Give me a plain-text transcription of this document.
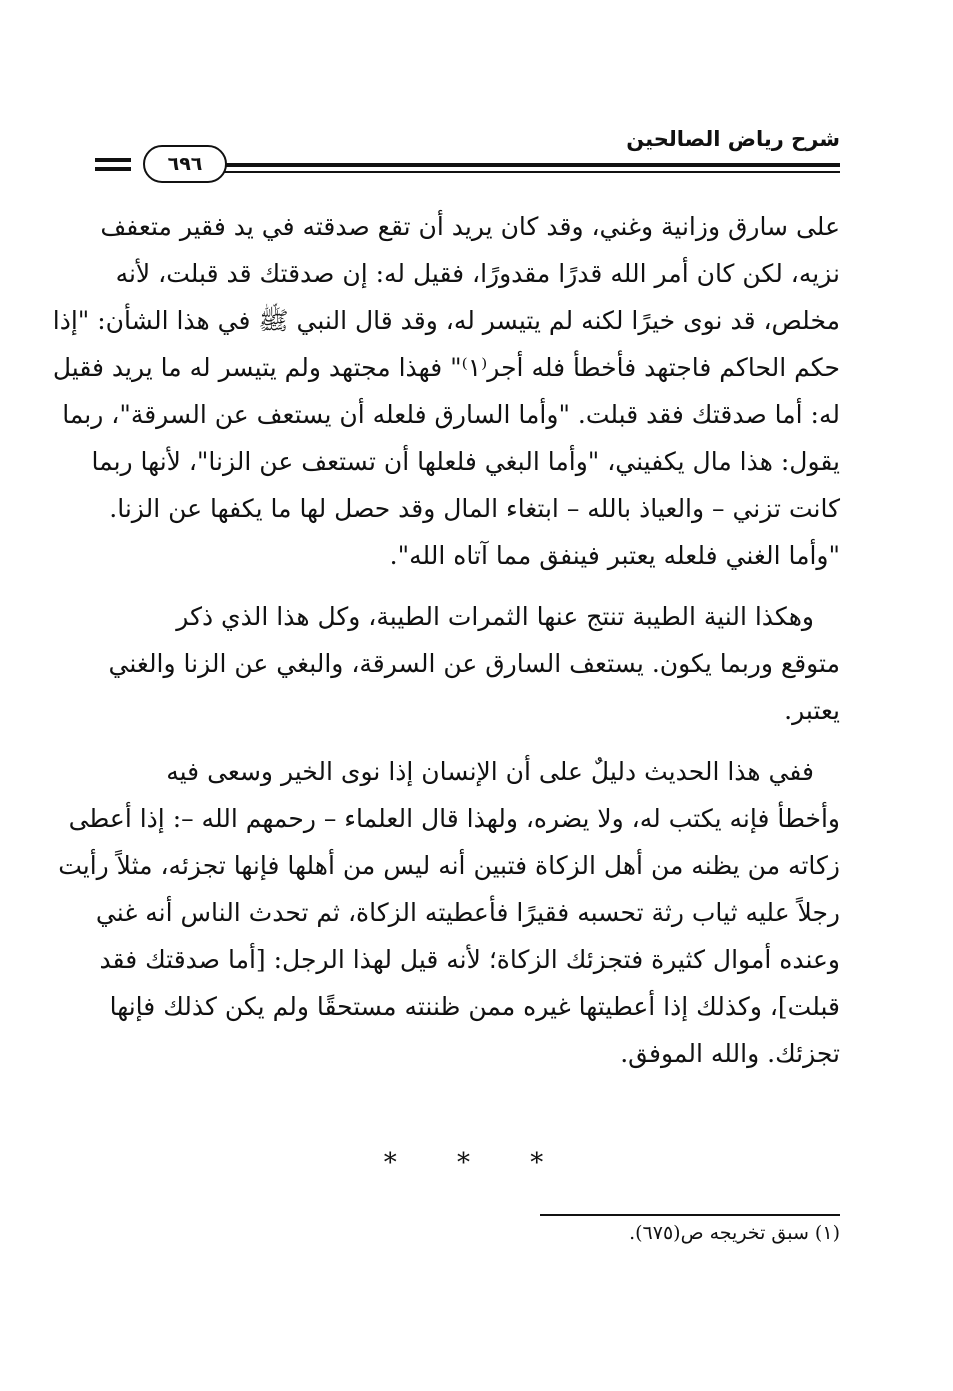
شرح رياض الصالحين
٦٩٦
على سارق وزانية وغني، وقد كان يريد أن تقع صدقته في يد فقير متعفف
نزيه، لكن كان أمر الله قدرًا مقدورًا، فقيل له: إن صدقتك قد قبلت، لأنه
مخلص، قد نوى خيرًا لكنه لم يتيسر له، وقد قال النبي ﷺ في هذا الشأن: "إذا
حكم الحاكم فاجتهد فأخطأ فله أجر⁽١⁾" فهذا مجتهد ولم يتيسر له ما يريد فقيل
له: أما صدقتك فقد قبلت. "وأما السارق فلعله أن يستعف عن السرقة"، ربما
يقول: هذا مال يكفيني، "وأما البغي فلعلها أن تستعف عن الزنا"، لأنها ربما
كانت تزني – والعياذ بالله – ابتغاء المال وقد حصل لها ما يكفها عن الزنا.
"وأما الغني فلعله يعتبر فينفق مما آتاه الله".
وهكذا النية الطيبة تنتج عنها الثمرات الطيبة، وكل هذا الذي ذكر
متوقع وربما يكون. يستعف السارق عن السرقة، والبغي عن الزنا والغني
يعتبر.
ففي هذا الحديث دليلٌ على أن الإنسان إذا نوى الخير وسعى فيه
وأخطأ فإنه يكتب له، ولا يضره، ولهذا قال العلماء – رحمهم الله –: إذا أعطى
زكاته من يظنه من أهل الزكاة فتبين أنه ليس من أهلها فإنها تجزئه، مثلاً رأيت
رجلاً عليه ثياب رثة تحسبه فقيرًا فأعطيته الزكاة، ثم تحدث الناس أنه غني
وعنده أموال كثيرة فتجزئك الزكاة؛ لأنه قيل لهذا الرجل: [أما صدقتك فقد
قبلت]، وكذلك إذا أعطيتها غيره ممن ظننته مستحقًا ولم يكن كذلك فإنها
تجزئك. والله الموفق.
* * *
(١) سبق تخريجه ص(٦٧٥).
